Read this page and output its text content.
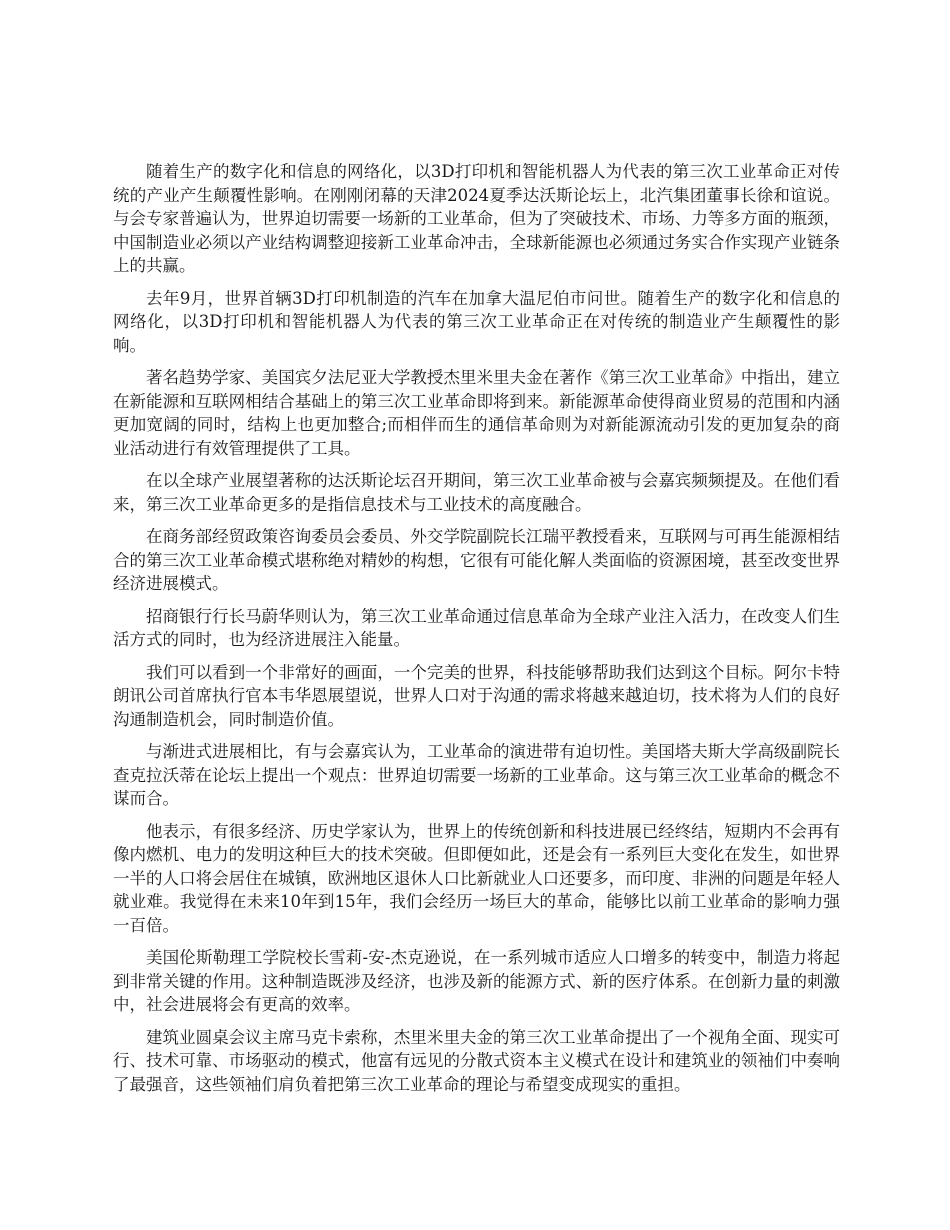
随着生产的数字化和信息的网络化，以3D打印机和智能机器人为代表的第三次工业革命正对传统的产业产生颠覆性影响。在刚刚闭幕的天津2024夏季达沃斯论坛上，北汽集团董事长徐和谊说。与会专家普遍认为，世界迫切需要一场新的工业革命，但为了突破技术、市场、力等多方面的瓶颈，中国制造业必须以产业结构调整迎接新工业革命冲击，全球新能源也必须通过务实合作实现产业链条上的共赢。

去年9月，世界首辆3D打印机制造的汽车在加拿大温尼伯市问世。随着生产的数字化和信息的网络化，以3D打印机和智能机器人为代表的第三次工业革命正在对传统的制造业产生颠覆性的影响。

著名趋势学家、美国宾夕法尼亚大学教授杰里米里夫金在著作《第三次工业革命》中指出，建立在新能源和互联网相结合基础上的第三次工业革命即将到来。新能源革命使得商业贸易的范围和内涵更加宽阔的同时，结构上也更加整合;而相伴而生的通信革命则为对新能源流动引发的更加复杂的商业活动进行有效管理提供了工具。

在以全球产业展望著称的达沃斯论坛召开期间，第三次工业革命被与会嘉宾频频提及。在他们看来，第三次工业革命更多的是指信息技术与工业技术的高度融合。

在商务部经贸政策咨询委员会委员、外交学院副院长江瑞平教授看来，互联网与可再生能源相结合的第三次工业革命模式堪称绝对精妙的构想，它很有可能化解人类面临的资源困境，甚至改变世界经济进展模式。

招商银行行长马蔚华则认为，第三次工业革命通过信息革命为全球产业注入活力，在改变人们生活方式的同时，也为经济进展注入能量。

我们可以看到一个非常好的画面，一个完美的世界，科技能够帮助我们达到这个目标。阿尔卡特朗讯公司首席执行官本韦华恩展望说，世界人口对于沟通的需求将越来越迫切，技术将为人们的良好沟通制造机会，同时制造价值。

与渐进式进展相比，有与会嘉宾认为，工业革命的演进带有迫切性。美国塔夫斯大学高级副院长查克拉沃蒂在论坛上提出一个观点：世界迫切需要一场新的工业革命。这与第三次工业革命的概念不谋而合。

他表示，有很多经济、历史学家认为，世界上的传统创新和科技进展已经终结，短期内不会再有像内燃机、电力的发明这种巨大的技术突破。但即便如此，还是会有一系列巨大变化在发生，如世界一半的人口将会居住在城镇，欧洲地区退休人口比新就业人口还要多，而印度、非洲的问题是年轻人就业难。我觉得在未来10年到15年，我们会经历一场巨大的革命，能够比以前工业革命的影响力强一百倍。

美国伦斯勒理工学院校长雪莉-安-杰克逊说，在一系列城市适应人口增多的转变中，制造力将起到非常关键的作用。这种制造既涉及经济，也涉及新的能源方式、新的医疗体系。在创新力量的刺激中，社会进展将会有更高的效率。

建筑业圆桌会议主席马克卡索称，杰里米里夫金的第三次工业革命提出了一个视角全面、现实可行、技术可靠、市场驱动的模式，他富有远见的分散式资本主义模式在设计和建筑业的领袖们中奏响了最强音，这些领袖们肩负着把第三次工业革命的理论与希望变成现实的重担。
